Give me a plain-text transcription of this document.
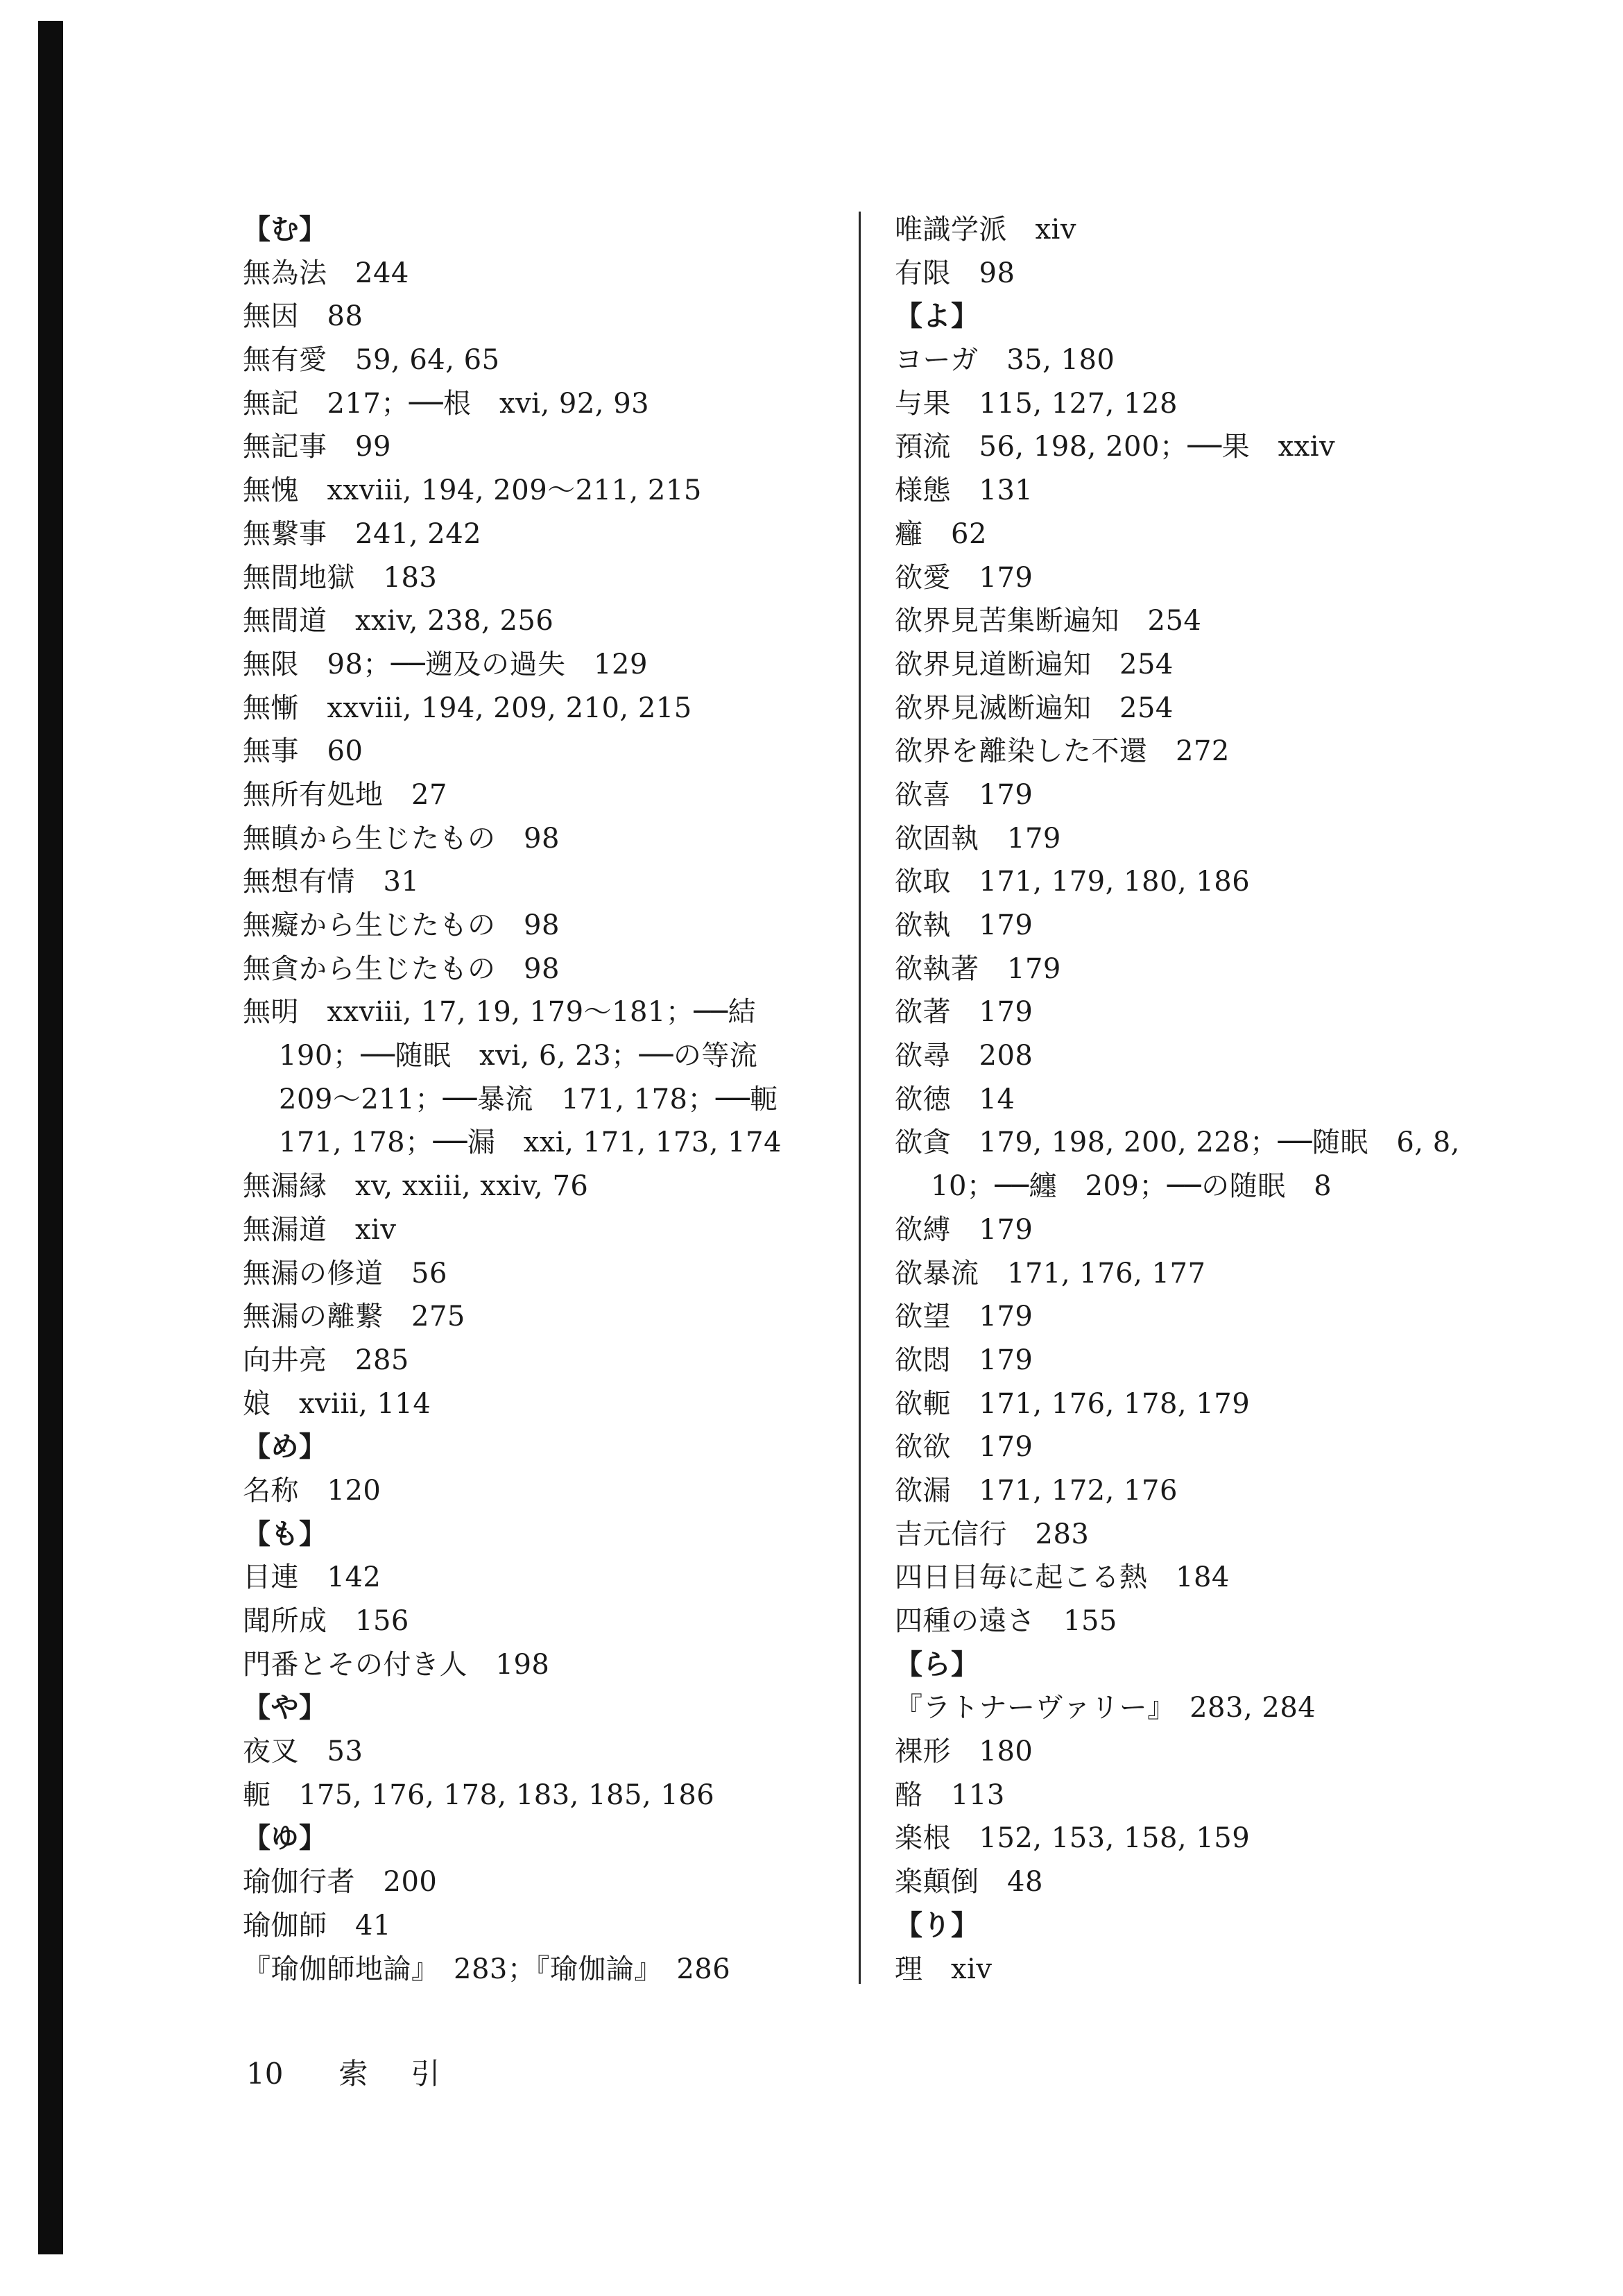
【む】
無為法　244
無因　88
無有愛　59, 64, 65
無記　217；──根　xvi, 92, 93
無記事　99
無愧　xxviii, 194, 209～211, 215
無繋事　241, 242
無間地獄　183
無間道　xxiv, 238, 256
無限　98；──遡及の過失　129
無慚　xxviii, 194, 209, 210, 215
無事　60
無所有処地　27
無瞋から生じたもの　98
無想有情　31
無癡から生じたもの　98
無貪から生じたもの　98
無明　xxviii, 17, 19, 179～181；──結
190；──随眠　xvi, 6, 23；──の等流
209～211；──暴流　171, 178；──軛
171, 178；──漏　xxi, 171, 173, 174
無漏縁　xv, xxiii, xxiv, 76
無漏道　xiv
無漏の修道　56
無漏の離繋　275
向井亮　285
娘　xviii, 114
【め】
名称　120
【も】
目連　142
聞所成　156
門番とその付き人　198
【や】
夜叉　53
軛　175, 176, 178, 183, 185, 186
【ゆ】
瑜伽行者　200
瑜伽師　41
『瑜伽師地論』　283；『瑜伽論』　286
唯識学派　xiv
有限　98
【よ】
ヨーガ　35, 180
与果　115, 127, 128
預流　56, 198, 200；──果　xxiv
様態　131
癰　62
欲愛　179
欲界見苦集断遍知　254
欲界見道断遍知　254
欲界見滅断遍知　254
欲界を離染した不還　272
欲喜　179
欲固執　179
欲取　171, 179, 180, 186
欲執　179
欲執著　179
欲著　179
欲尋　208
欲徳　14
欲貪　179, 198, 200, 228；──随眠　6, 8,
10；──纏　209；──の随眠　8
欲縛　179
欲暴流　171, 176, 177
欲望　179
欲悶　179
欲軛　171, 176, 178, 179
欲欲　179
欲漏　171, 172, 176
吉元信行　283
四日目毎に起こる熱　184
四種の遠さ　155
【ら】
『ラトナーヴァリー』　283, 284
裸形　180
酪　113
楽根　152, 153, 158, 159
楽顛倒　48
【り】
理　xiv
10 索引
